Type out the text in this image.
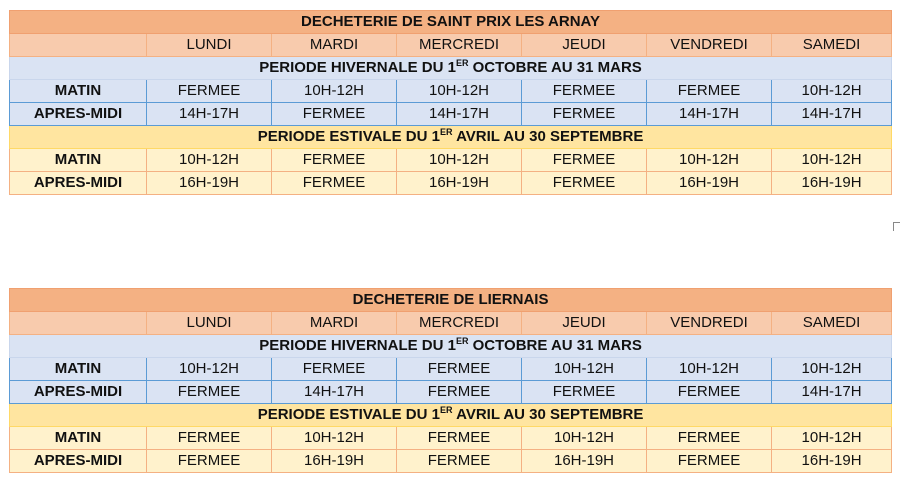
DECHETERIE DE SAINT PRIX LES ARNAY						
	LUNDI	MARDI	MERCREDI	JEUDI	VENDREDI	SAMEDI
PERIODE HIVERNALE DU 1ER OCTOBRE AU 31 MARS						
MATIN	FERMEE	10H-12H	10H-12H	FERMEE	FERMEE	10H-12H
APRES-MIDI	14H-17H	FERMEE	14H-17H	FERMEE	14H-17H	14H-17H
PERIODE ESTIVALE DU 1ER AVRIL AU 30 SEPTEMBRE						
MATIN	10H-12H	FERMEE	10H-12H	FERMEE	10H-12H	10H-12H
APRES-MIDI	16H-19H	FERMEE	16H-19H	FERMEE	16H-19H	16H-19H
DECHETERIE DE LIERNAIS						
	LUNDI	MARDI	MERCREDI	JEUDI	VENDREDI	SAMEDI
PERIODE HIVERNALE DU 1ER OCTOBRE AU 31 MARS						
MATIN	10H-12H	FERMEE	FERMEE	10H-12H	10H-12H	10H-12H
APRES-MIDI	FERMEE	14H-17H	FERMEE	FERMEE	FERMEE	14H-17H
PERIODE ESTIVALE DU 1ER AVRIL AU 30 SEPTEMBRE						
MATIN	FERMEE	10H-12H	FERMEE	10H-12H	FERMEE	10H-12H
APRES-MIDI	FERMEE	16H-19H	FERMEE	16H-19H	FERMEE	16H-19H
